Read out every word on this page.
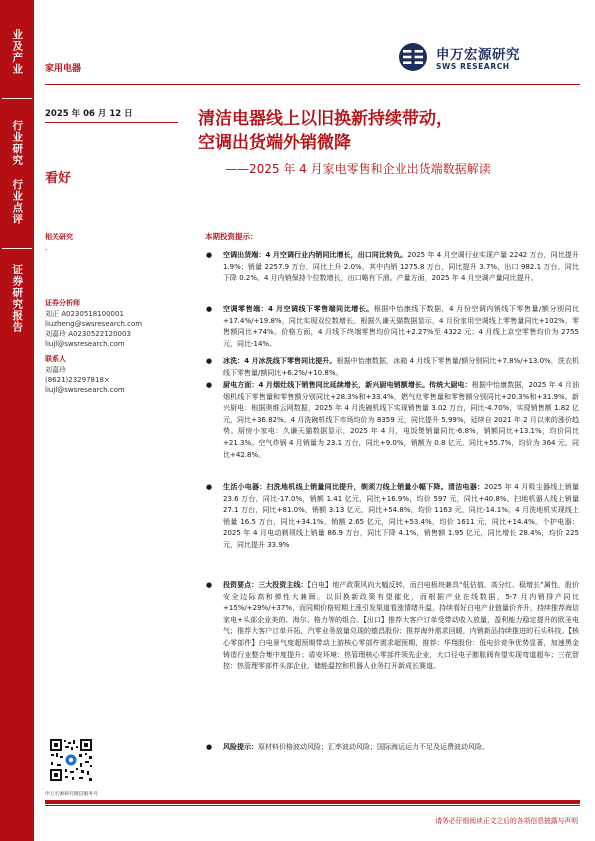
业及产业
行业研究 行业点评
证券研究报告
家用电器
2025 年 06 月 12 日
看好
相关研究
-
证券分析师
刘正 A0230518100001
liuzheng@swsresearch.com
刘嘉玲 A0230522120003
liujl@swsresearch.com
联系人
刘嘉玲
(8621)23297818×
liujl@swsresearch.com
申万宏源研究微信服务号
申万宏源研究
SWS RESEARCH
清洁电器线上以旧换新持续带动，
空调出货端外销微降
——2025 年 4 月家电零售和企业出货端数据解读
本期投资提示：
● 空调出货端：4 月空调行业内销同比增长，出口同比转负。2025 年 4 月空调行业实现产量 2242 万台，同比提升 1.9%；销量 2257.9 万台，同比上升 2.0%，其中内销 1275.8 万台，同比提升 3.7%，出口 982.1 万台，同比下降 0.2%。4 月内销保持个位数增长，出口略有下滑。产量方面，2025 年 4 月空调产量同比提升。
● 空调零售端：4 月空调线下零售端同比增长。根据中怡康线下数据，4 月份空调内销线下零售量/额分别同比+17.4%/+19.8%，同比实现双位数增长。根据久谦天猫数据显示，4 月份家用空调线上零售量同比+102%，零售额同比+74%。价格方面，4 月线下终端零售均价同比+2.27%至 4322 元；4 月线上京空零售均价为 2755 元，同比-14%。
● 冰洗：4 月冰洗线下零售同比提升。根据中怡康数据，冰箱 4 月线下零售量/额分别同比+7.8%/+13.0%，洗衣机线下零售量/额同比+6.2%/+10.8%。
● 厨电方面：4 月烟灶线下销售同比延续增长，新兴厨电销额增长。传统大厨电：根据中怡康数据，2025 年 4 月油烟机线下零售量和零售额分别同比+28.3%和+33.4%，燃气灶零售量和零售额分别同比+20.3%和+31.9%。新兴厨电：根据奥维云网数据，2025 年 4 月洗碗机线下实现销售量 3.02 万台，同比-4.70%，实现销售额 1.82 亿元，同比+36.82%。4 月洗碗机线下市场均价为 8359 元，同比提升 5.99%，延续自 2021 年 2 月以来的涨价趋势。厨房小家电：久谦天猫数据显示，2025 年 4 月，电饭煲销量同比-6.8%，销额同比+13.1%，均价同比+21.3%。空气炸锅 4 月销量为 23.1 万台，同比+9.0%，销额为 0.8 亿元，同比+55.7%，均价为 364 元，同比+42.8%。
● 生活小电器：扫洗地机线上销量同比提升，剃须刀线上销量小幅下降。清洁电器：2025 年 4 月吸尘器线上销量 23.6 万台，同比-17.0%，销额 1.41 亿元，同比+16.9%，均价 597 元，同比+40.8%。扫地机器人线上销量 27.1 万台，同比+81.0%，销额 3.13 亿元，同比+54.8%，均价 1163 元，同比-14.1%。4 月洗地机实现线上销量 16.5 万台，同比+34.1%，销额 2.65 亿元，同比+53.4%，均价 1611 元，同比+14.4%。个护电器：2025 年 4 月电动剃须线上销量 86.9 万台，同比下降 4.1%，销售额 1.95 亿元，同比增长 28.4%，均价 225 元，同比提升 33.9%
● 投资要点：三大投资主线：【白电】地产政策风向大幅反转，而白电板块兼具“低估值、高分红、稳增长”属性，股价安全边际高和弹性大兼顾。以旧换新政策有望催化，而根据产业在线数据，5-7 月内销排产同比+15%/+29%/+37%，而同期价格短期上涨引发渠道看涨情绪升温，持续看好白电产业链量价齐升，持续推荐海信家电+头部企业美的、海尔、格力等的组合。【出口】推荐大客户订单受带动收入放量，盈利能力稳定提升的欧圣电气；推荐大客户订单开拓，汽零业务放量兑现的德昌股份；推荐海外需求回暖，内销新品持续推进的石头科技。【核心零部件】白电景气度超预期带动上游核心零部件需求超预期，推荐：华翔股份：低电价竞争优势显著，加速黑金铸造行业整合集中度提升；盾安环境：热管理核心零部件领先企业，大口径电子膨胀阀有望实现弯道超车；三花智控：热管理零部件头部企业，储能温控和机器人业务打开新成长赛道。
● 风险提示：原材料价格波动风险；汇率波动风险；国际海运运力不足及运费波动风险。
请务必仔细阅读正文之后的各项信息披露与声明
